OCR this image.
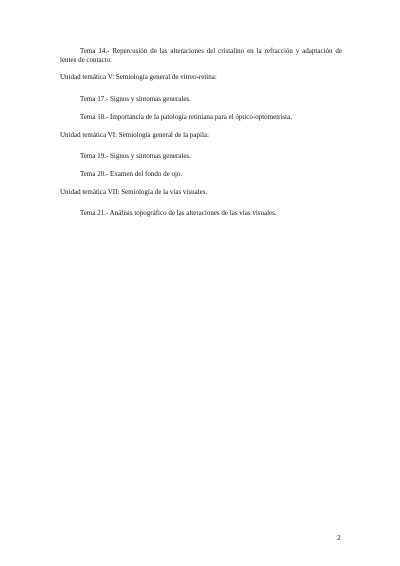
Tema 14.- Repercusión de las alteraciones del cristalino en la refracción y adaptación de lentes de contacto.
Unidad temática V: Semiología general de vítreo-retina:
Tema 17.- Signos y síntomas generales.
Tema 18.- Importancia de la patología retiniana para el óptico-optometrista.
Unidad temática VI: Semiología general de la papila:
Tema 19.- Signos y síntomas generales.
Tema 20.- Examen del fondo de ojo.
Unidad temática VII: Semiología de la vías visuales.
Tema 21.- Análisis topográfico de las alteraciones de las vías visuales.
2
